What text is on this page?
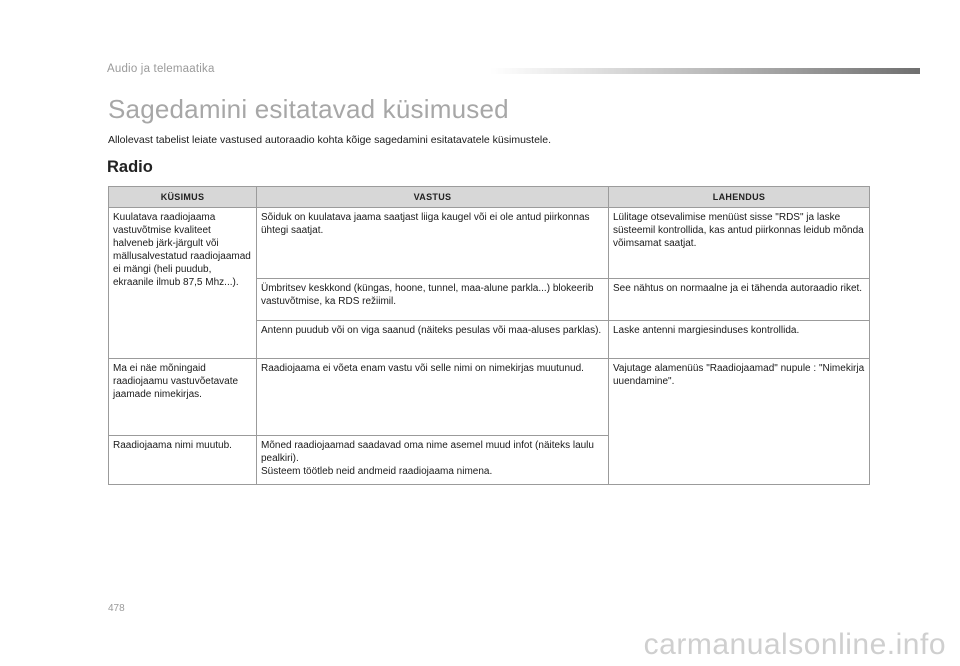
Audio ja telemaatika
Sagedamini esitatavad küsimused
Allolevast tabelist leiate vastused autoraadio kohta kõige sagedamini esitatavatele küsimustele.
Radio
KÜSIMUS	VASTUS	LAHENDUS
Kuulatava raadiojaama vastuvõtmise kvaliteet halveneb järk-järgult või mällusalvestatud raadiojaamad ei mängi (heli puudub, ekraanile ilmub 87,5 Mhz...).	Sõiduk on kuulatava jaama saatjast liiga kaugel või ei ole antud piirkonnas ühtegi saatjat.	Lülitage otsevalimise menüüst sisse "RDS" ja laske süsteemil kontrollida, kas antud piirkonnas leidub mõnda võimsamat saatjat.
	Ümbritsev keskkond (küngas, hoone, tunnel, maa-alune parkla...) blokeerib vastuvõtmise, ka RDS režiimil.	See nähtus on normaalne ja ei tähenda autoraadio riket.
	Antenn puudub või on viga saanud (näiteks pesulas või maa-aluses parklas).	Laske antenni margiesinduses kontrollida.
Ma ei näe mõningaid raadiojaamu vastuvõetavate jaamade nimekirjas.	Raadiojaama ei võeta enam vastu või selle nimi on nimekirjas muutunud.	Vajutage alamenüüs "Raadiojaamad" nupule : "Nimekirja uuendamine".
Raadiojaama nimi muutub.	Mõned raadiojaamad saadavad oma nime asemel muud infot (näiteks laulu pealkiri).
Süsteem töötleb neid andmeid raadiojaama nimena.	
478
carmanualsonline.info
